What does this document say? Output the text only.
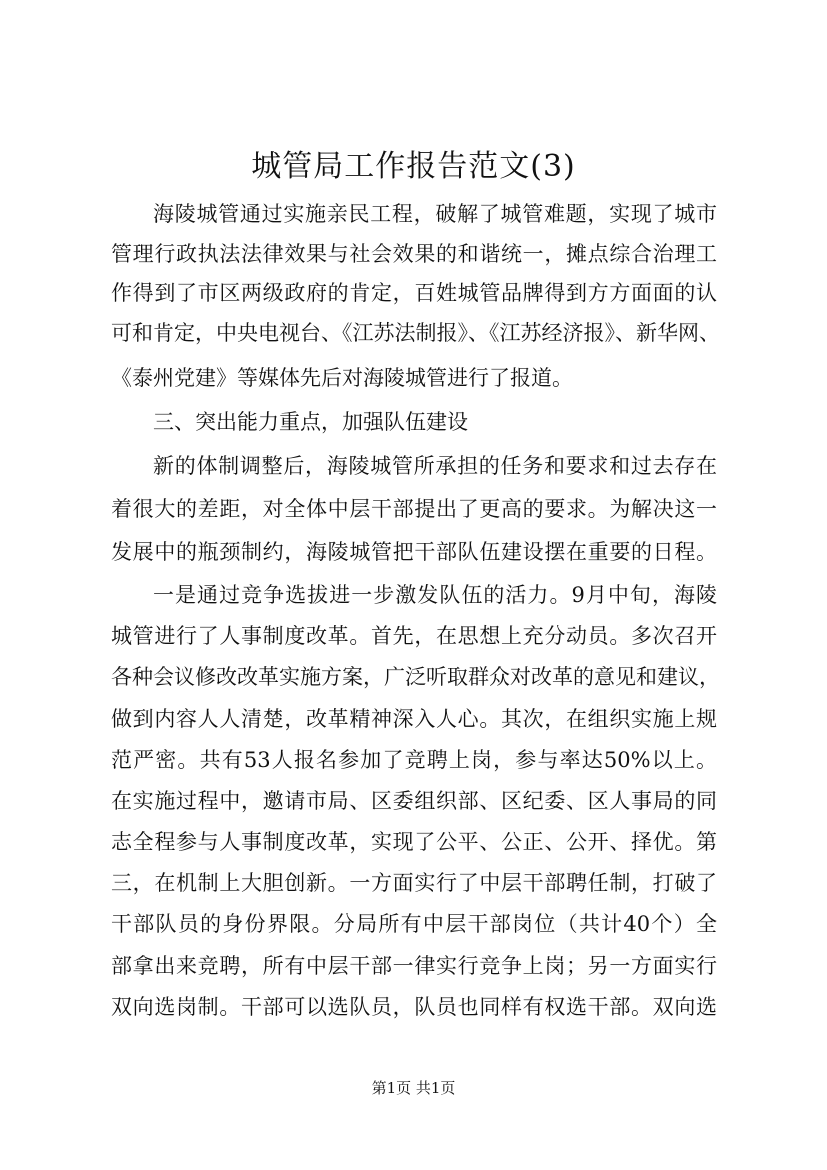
城管局工作报告范文(3)
海陵城管通过实施亲民工程，破解了城管难题，实现了城市
管理行政执法法律效果与社会效果的和谐统一，摊点综合治理工
作得到了市区两级政府的肯定，百姓城管品牌得到方方面面的认
可和肯定，中央电视台、《江苏法制报》、《江苏经济报》、新华网、
《泰州党建》等媒体先后对海陵城管进行了报道。
三、突出能力重点，加强队伍建设
新的体制调整后，海陵城管所承担的任务和要求和过去存在
着很大的差距，对全体中层干部提出了更高的要求。为解决这一
发展中的瓶颈制约，海陵城管把干部队伍建设摆在重要的日程。
一是通过竞争选拔进一步激发队伍的活力。9月中旬，海陵
城管进行了人事制度改革。首先，在思想上充分动员。多次召开
各种会议修改改革实施方案，广泛听取群众对改革的意见和建议，
做到内容人人清楚，改革精神深入人心。其次，在组织实施上规
范严密。共有53人报名参加了竞聘上岗，参与率达50%以上。
在实施过程中，邀请市局、区委组织部、区纪委、区人事局的同
志全程参与人事制度改革，实现了公平、公正、公开、择优。第
三，在机制上大胆创新。一方面实行了中层干部聘任制，打破了
干部队员的身份界限。分局所有中层干部岗位（共计40个）全
部拿出来竞聘，所有中层干部一律实行竞争上岗；另一方面实行
双向选岗制。干部可以选队员，队员也同样有权选干部。双向选
第1页 共1页
